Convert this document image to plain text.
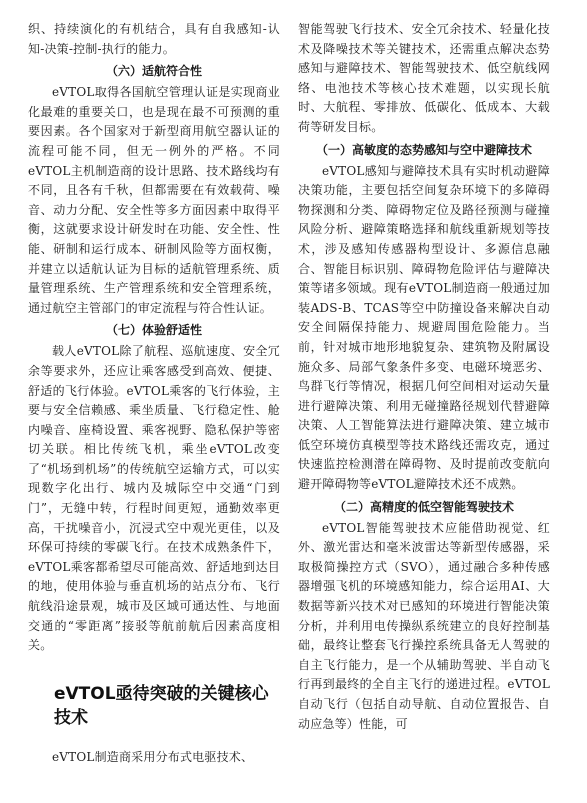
织、持续演化的有机结合，具有自我感知-认知-决策-控制-执行的能力。

（六）适航符合性

eVTOL取得各国航空管理认证是实现商业化最难的重要关口，也是现在最不可预测的重要因素。各个国家对于新型商用航空器认证的流程可能不同，但无一例外的严格。不同eVTOL主机制造商的设计思路、技术路线均有不同，且各有千秋，但都需要在有效载荷、噪音、动力分配、安全性等多方面因素中取得平衡，这就要求设计研发时在功能、安全性、性能、研制和运行成本、研制风险等方面权衡，并建立以适航认证为目标的适航管理系统、质量管理系统、生产管理系统和安全管理系统，通过航空主管部门的审定流程与符合性认证。

（七）体验舒适性

载人eVTOL除了航程、巡航速度、安全冗余等要求外，还应让乘客感受到高效、便捷、舒适的飞行体验。eVTOL乘客的飞行体验，主要与安全信赖感、乘坐质量、飞行稳定性、舱内噪音、座椅设置、乘客视野、隐私保护等密切关联。相比传统飞机，乘坐eVTOL改变了“机场到机场”的传统航空运输方式，可以实现数字化出行、城内及城际空中交通“门到门”，无缝中转，行程时间更短，通勤效率更高，干扰噪音小，沉浸式空中观光更佳，以及环保可持续的零碳飞行。在技术成熟条件下，eVTOL乘客都希望尽可能高效、舒适地到达目的地，使用体验与垂直机场的站点分布、飞行航线沿途景观，城市及区域可通达性、与地面交通的“零距离”接驳等航前航后因素高度相关。

eVTOL亟待突破的关键核心技术

eVTOL制造商采用分布式电驱技术、

智能驾驶飞行技术、安全冗余技术、轻量化技术及降噪技术等关键技术，还需重点解决态势感知与避障技术、智能驾驶技术、低空航线网络、电池技术等核心技术难题，以实现长航时、大航程、零排放、低碳化、低成本、大载荷等研发目标。

（一）高敏度的态势感知与空中避障技术

eVTOL感知与避障技术具有实时机动避障决策功能，主要包括空间复杂环境下的多障碍物探测和分类、障碍物定位及路径预测与碰撞风险分析、避障策略选择和航线重新规划等技术，涉及感知传感器构型设计、多源信息融合、智能目标识别、障碍物危险评估与避障决策等诸多领域。现有eVTOL制造商一般通过加装ADS-B、TCAS等空中防撞设备来解决自动安全间隔保持能力、规避周围危险能力。当前，针对城市地形地貌复杂、建筑物及附属设施众多、局部气象条件多变、电磁环境恶劣、鸟群飞行等情况，根据几何空间相对运动矢量进行避障决策、利用无碰撞路径规划代替避障决策、人工智能算法进行避障决策、建立城市低空环境仿真模型等技术路线还需攻克，通过快速监控检测潜在障碍物、及时提前改变航向避开障碍物等eVTOL避障技术还不成熟。

（二）高精度的低空智能驾驶技术

eVTOL智能驾驶技术应能借助视觉、红外、激光雷达和毫米波雷达等新型传感器，采取极简操控方式（SVO），通过融合多种传感器增强飞机的环境感知能力，综合运用AI、大数据等新兴技术对已感知的环境进行智能决策分析，并利用电传操纵系统建立的良好控制基础，最终让整套飞行操控系统具备无人驾驶的自主飞行能力，是一个从辅助驾驶、半自动飞行再到最终的全自主飞行的递进过程。eVTOL自动飞行（包括自动导航、自动位置报告、自动应急等）性能，可
